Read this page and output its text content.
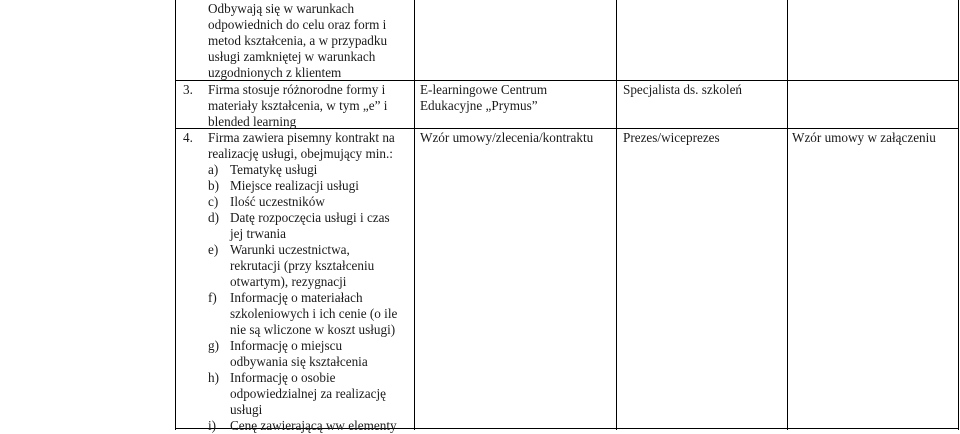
Odbywają się w warunkach
odpowiednich do celu oraz form i
metod kształcenia, a w przypadku
usługi zamkniętej w warunkach
uzgodnionych z klientem
3. Firma stosuje różnorodne formy i
materiały kształcenia, w tym „e” i
blended learning
E-learningowe Centrum
Edukacyjne „Prymus”
Specjalista ds. szkoleń
4. Firma zawiera pisemny kontrakt na
realizację usługi, obejmujący min.:
Wzór umowy/zlecenia/kontraktu Prezes/wiceprezes	Wzór umowy w załączeniu
a) Tematykę usługi
b) Miejsce realizacji usługi
c) Ilość uczestników
d) Datę rozpoczęcia usługi i czas
jej trwania
e) Warunki uczestnictwa,
rekrutacji (przy kształceniu
otwartym), rezygnacji
f) Informację o materiałach
szkoleniowych i ich cenie (o ile
nie są wliczone w koszt usługi)
g) Informację o miejscu
odbywania się kształcenia
h) Informację o osobie
odpowiedzialnej za realizację
usługi
i) Cenę zawierającą ww elementy
